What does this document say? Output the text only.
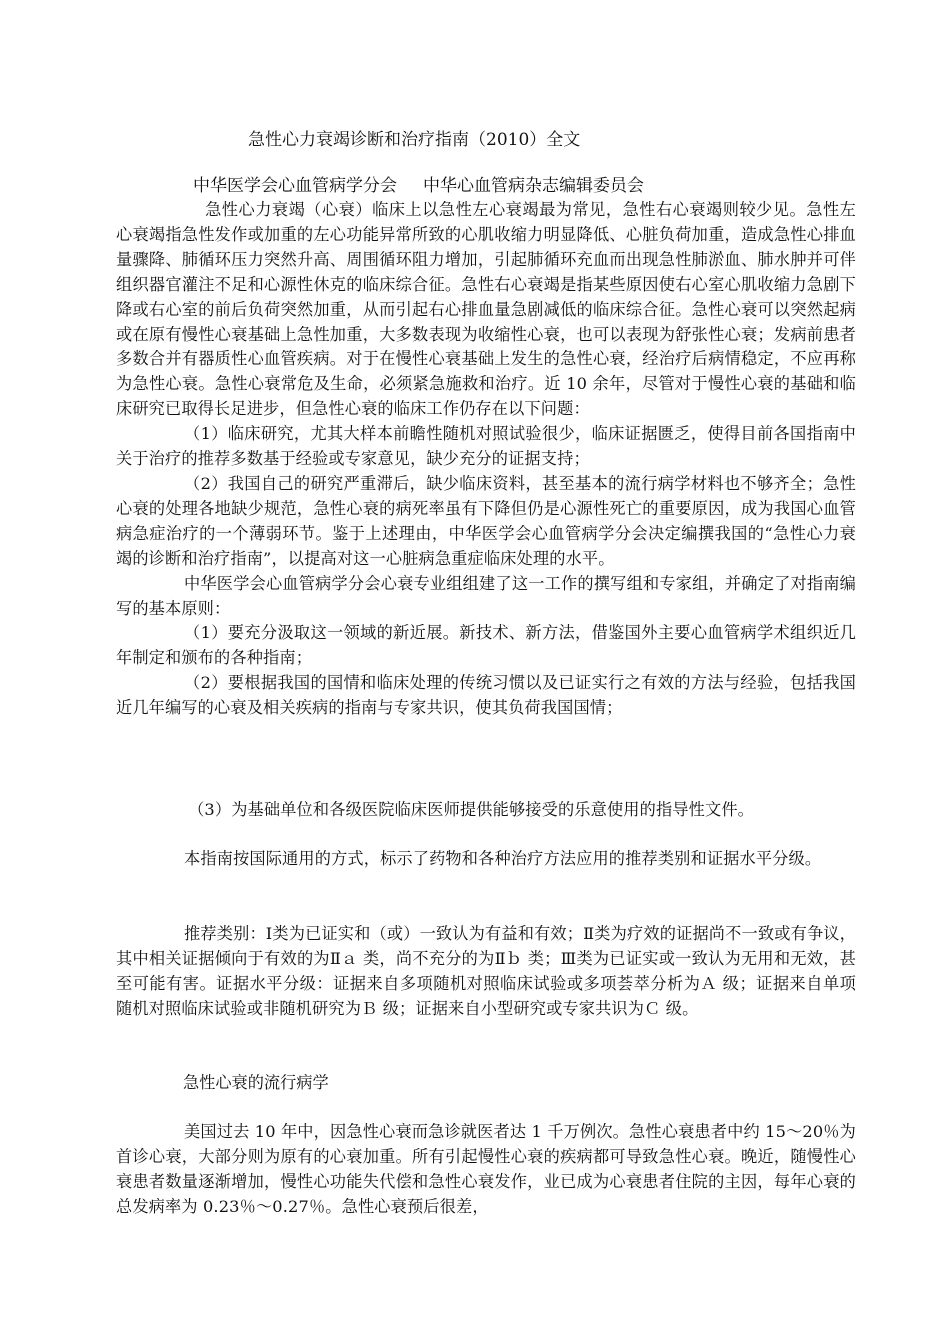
急性心力衰竭诊断和治疗指南（2010）全文
中华医学会心血管病学分会 中华心血管病杂志编辑委员会

急性心力衰竭（心衰）临床上以急性左心衰竭最为常见，急性右心衰竭则较少见。急性左心衰竭指急性发作或加重的左心功能异常所致的心肌收缩力明显降低、心脏负荷加重，造成急性心排血量骤降、肺循环压力突然升高、周围循环阻力增加，引起肺循环充血而出现急性肺淤血、肺水肿并可伴组织器官灌注不足和心源性休克的临床综合征。急性右心衰竭是指某些原因使右心室心肌收缩力急剧下降或右心室的前后负荷突然加重，从而引起右心排血量急剧减低的临床综合征。急性心衰可以突然起病或在原有慢性心衰基础上急性加重，大多数表现为收缩性心衰，也可以表现为舒张性心衰；发病前患者多数合并有器质性心血管疾病。对于在慢性心衰基础上发生的急性心衰，经治疗后病情稳定，不应再称为急性心衰。急性心衰常危及生命，必须紧急施救和治疗。近 10 余年，尽管对于慢性心衰的基础和临床研究已取得长足进步，但急性心衰的临床工作仍存在以下问题：

（1）临床研究，尤其大样本前瞻性随机对照试验很少，临床证据匮乏，使得目前各国指南中关于治疗的推荐多数基于经验或专家意见，缺少充分的证据支持；

（2）我国自己的研究严重滞后，缺少临床资料，甚至基本的流行病学材料也不够齐全；急性心衰的处理各地缺少规范，急性心衰的病死率虽有下降但仍是心源性死亡的重要原因，成为我国心血管病急症治疗的一个薄弱环节。鉴于上述理由，中华医学会心血管病学分会决定编撰我国的“急性心力衰竭的诊断和治疗指南”，以提高对这一心脏病急重症临床处理的水平。

中华医学会心血管病学分会心衰专业组组建了这一工作的撰写组和专家组，并确定了对指南编写的基本原则：

（1）要充分汲取这一领域的新近展。新技术、新方法，借鉴国外主要心血管病学术组织近几年制定和颁布的各种指南；

（2）要根据我国的国情和临床处理的传统习惯以及已证实行之有效的方法与经验，包括我国近几年编写的心衰及相关疾病的指南与专家共识，使其负荷我国国情；

（3）为基础单位和各级医院临床医师提供能够接受的乐意使用的指导性文件。

本指南按国际通用的方式，标示了药物和各种治疗方法应用的推荐类别和证据水平分级。

推荐类别：Ⅰ类为已证实和（或）一致认为有益和有效；Ⅱ类为疗效的证据尚不一致或有争议，其中相关证据倾向于有效的为Ⅱａ 类，尚不充分的为Ⅱｂ 类；Ⅲ类为已证实或一致认为无用和无效，甚至可能有害。证据水平分级：证据来自多项随机对照临床试验或多项荟萃分析为Ａ 级；证据来自单项随机对照临床试验或非随机研究为Ｂ 级；证据来自小型研究或专家共识为Ｃ 级。

急性心衰的流行病学

美国过去 10 年中，因急性心衰而急诊就医者达 1 千万例次。急性心衰患者中约 15～20％为首诊心衰，大部分则为原有的心衰加重。所有引起慢性心衰的疾病都可导致急性心衰。晚近，随慢性心衰患者数量逐渐增加，慢性心功能失代偿和急性心衰发作，业已成为心衰患者住院的主因，每年心衰的总发病率为 0.23％～0.27％。急性心衰预后很差，
